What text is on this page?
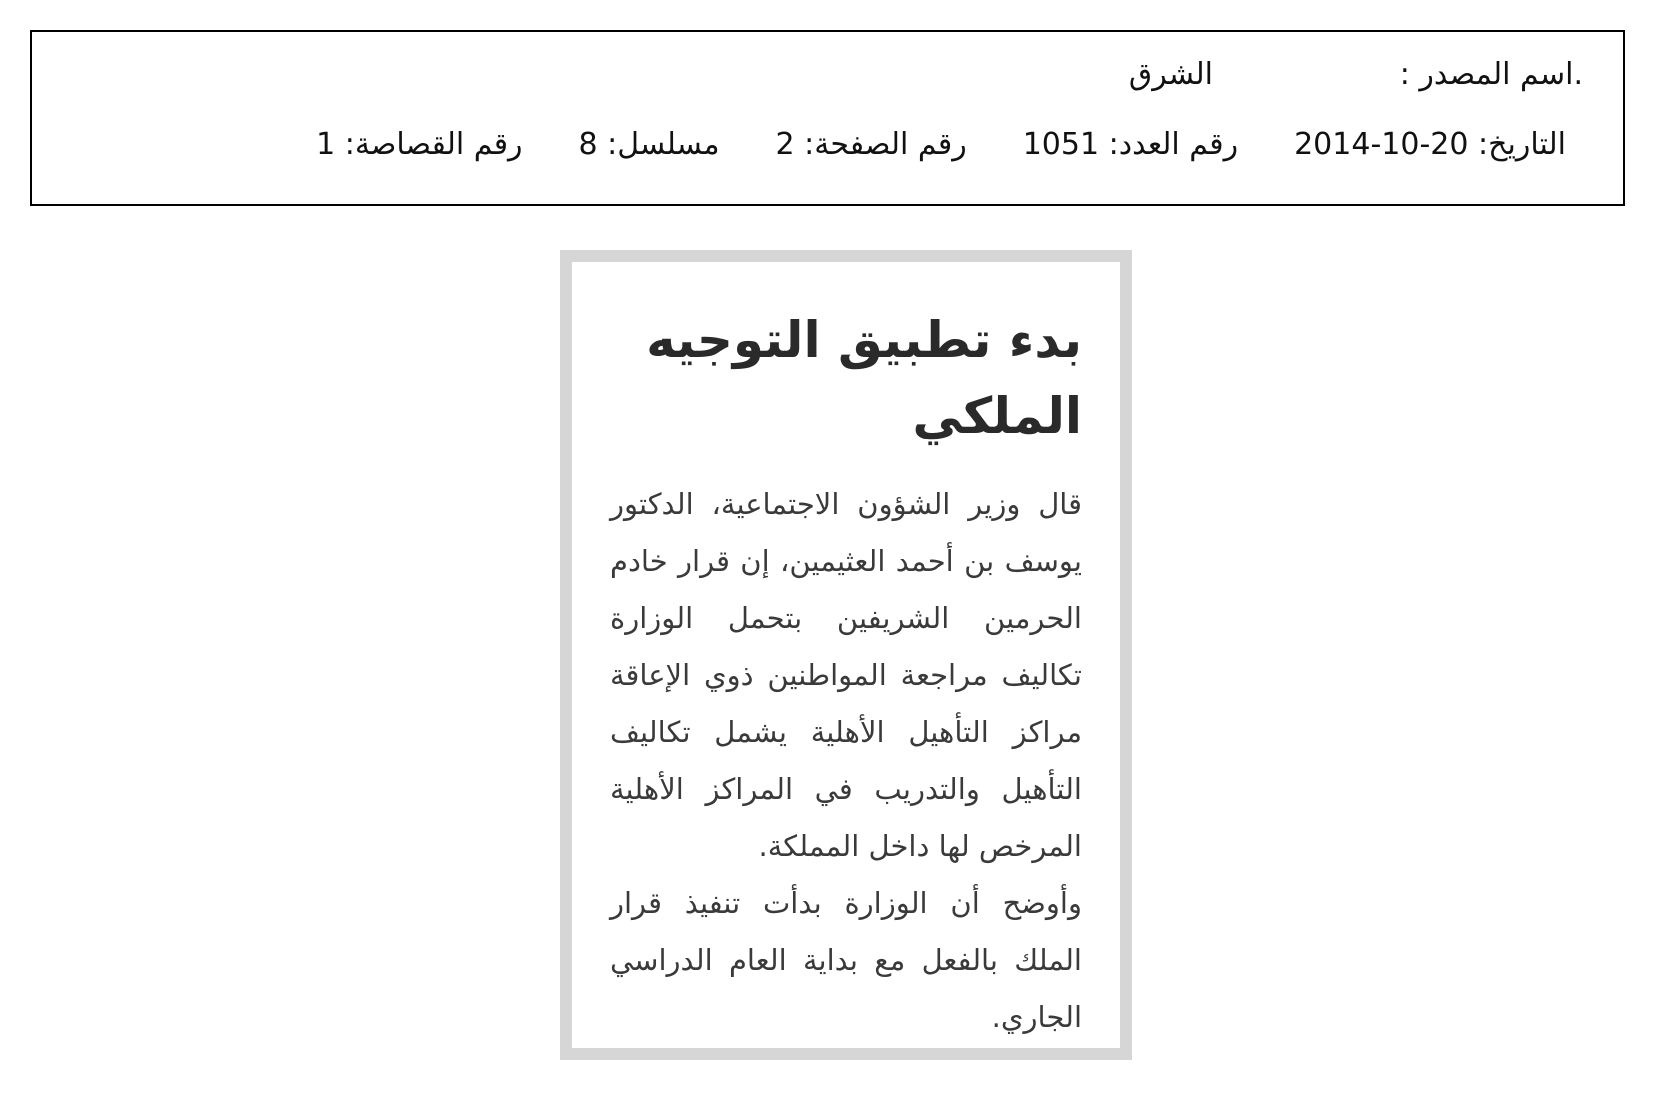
.اسم المصدر :
الشرق
التاريخ: 20-10-2014
رقم العدد: 1051
رقم الصفحة: 2
مسلسل: 8
رقم القصاصة: 1
بدء تطبيق التوجيه الملكي

قال وزير الشؤون الاجتماعية، الدكتور يوسف بن أحمد العثيمين، إن قرار خادم الحرمين الشريفين بتحمل الوزارة تكاليف مراجعة المواطنين ذوي الإعاقة مراكز التأهيل الأهلية يشمل تكاليف التأهيل والتدريب في المراكز الأهلية المرخص لها داخل المملكة.

وأوضح أن الوزارة بدأت تنفيذ قرار الملك بالفعل مع بداية العام الدراسي الجاري.
